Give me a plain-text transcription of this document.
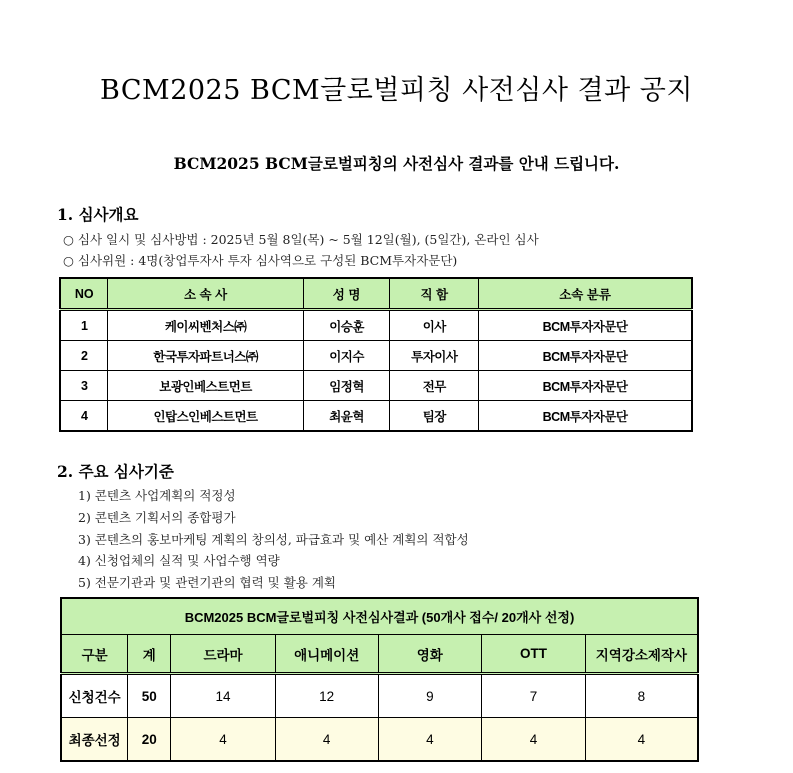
BCM2025 BCM글로벌피칭 사전심사 결과 공지
BCM2025 BCM글로벌피칭의 사전심사 결과를 안내 드립니다.
1. 심사개요
○ 심사 일시 및 심사방법 : 2025년 5월 8일(목) ~ 5월 12일(월), (5일간), 온라인 심사
○ 심사위원 : 4명(창업투자사 투자 심사역으로 구성된 BCM투자자문단)
NO	소 속 사	성 명	직 함	소속 분류
1	케이씨벤처스㈜	이승훈	이사	BCM투자자문단
2	한국투자파트너스㈜	이지수	투자이사	BCM투자자문단
3	보광인베스트먼트	임정혁	전무	BCM투자자문단
4	인탑스인베스트먼트	최윤혁	팀장	BCM투자자문단
2. 주요 심사기준
1) 콘텐츠 사업계획의 적정성
2) 콘텐츠 기획서의 종합평가
3) 콘텐츠의 홍보마케팅 계획의 창의성, 파급효과 및 예산 계획의 적합성
4) 신청업체의 실적 및 사업수행 역량
5) 전문기관과 및 관련기관의 협력 및 활용 계획
BCM2025 BCM글로벌피칭 사전심사결과 (50개사 접수/ 20개사 선정)						
구분	계	드라마	애니메이션	영화	OTT	지역강소제작사
신청건수	50	14	12	9	7	8
최종선정	20	4	4	4	4	4
